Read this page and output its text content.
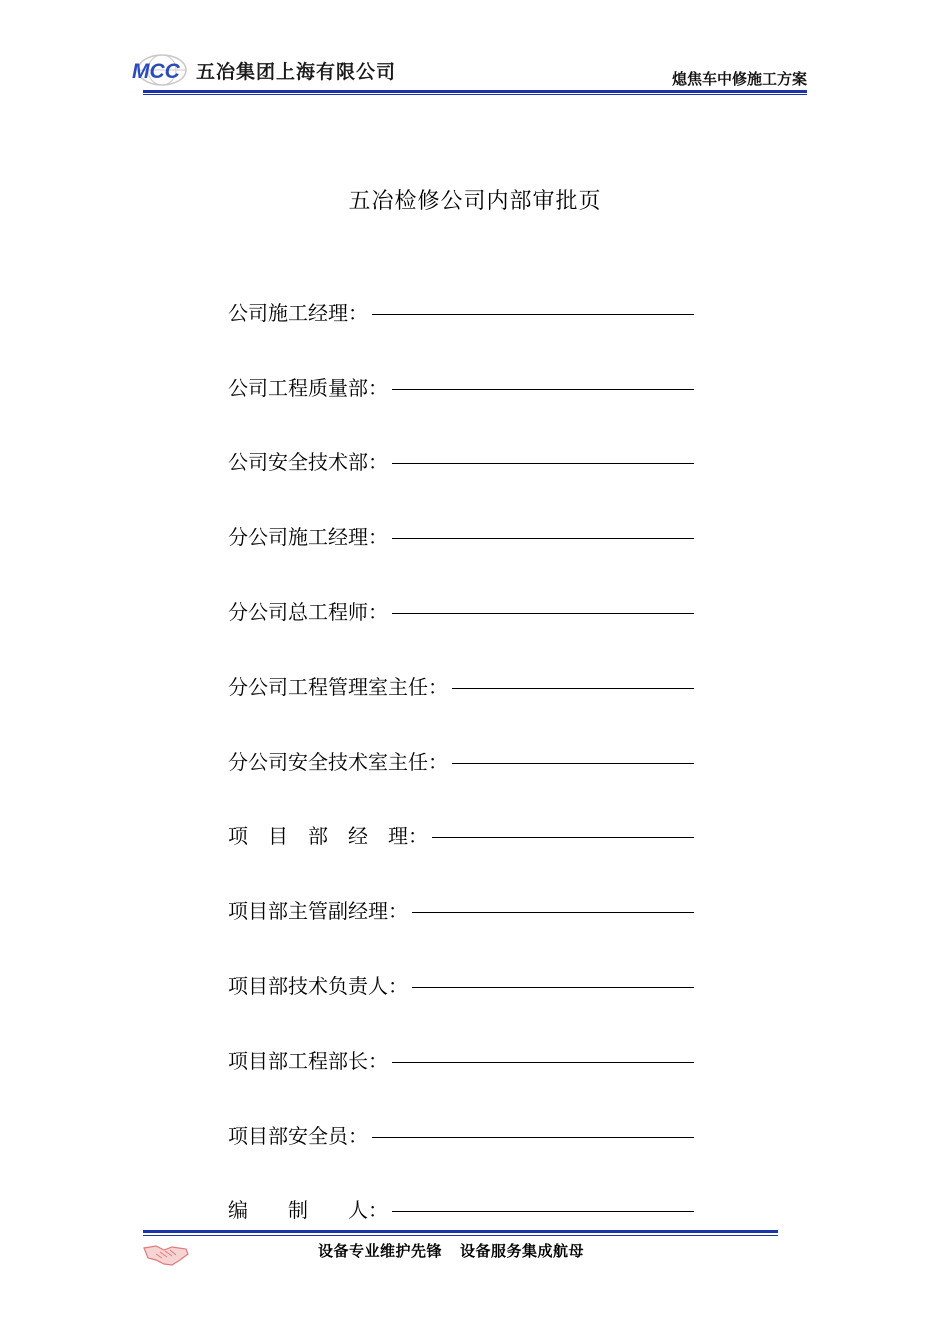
MCC 五冶集团上海有限公司	熄焦车中修施工方案
五冶检修公司内部审批页
公司施工经理：
公司工程质量部：
公司安全技术部：
分公司施工经理：
分公司总工程师：
分公司工程管理室主任：
分公司安全技术室主任：
项　目　部　经　理：
项目部主管副经理：
项目部技术负责人：
项目部工程部长：
项目部安全员：
编　　制　　人：
设备专业维护先锋 设备服务集成航母
